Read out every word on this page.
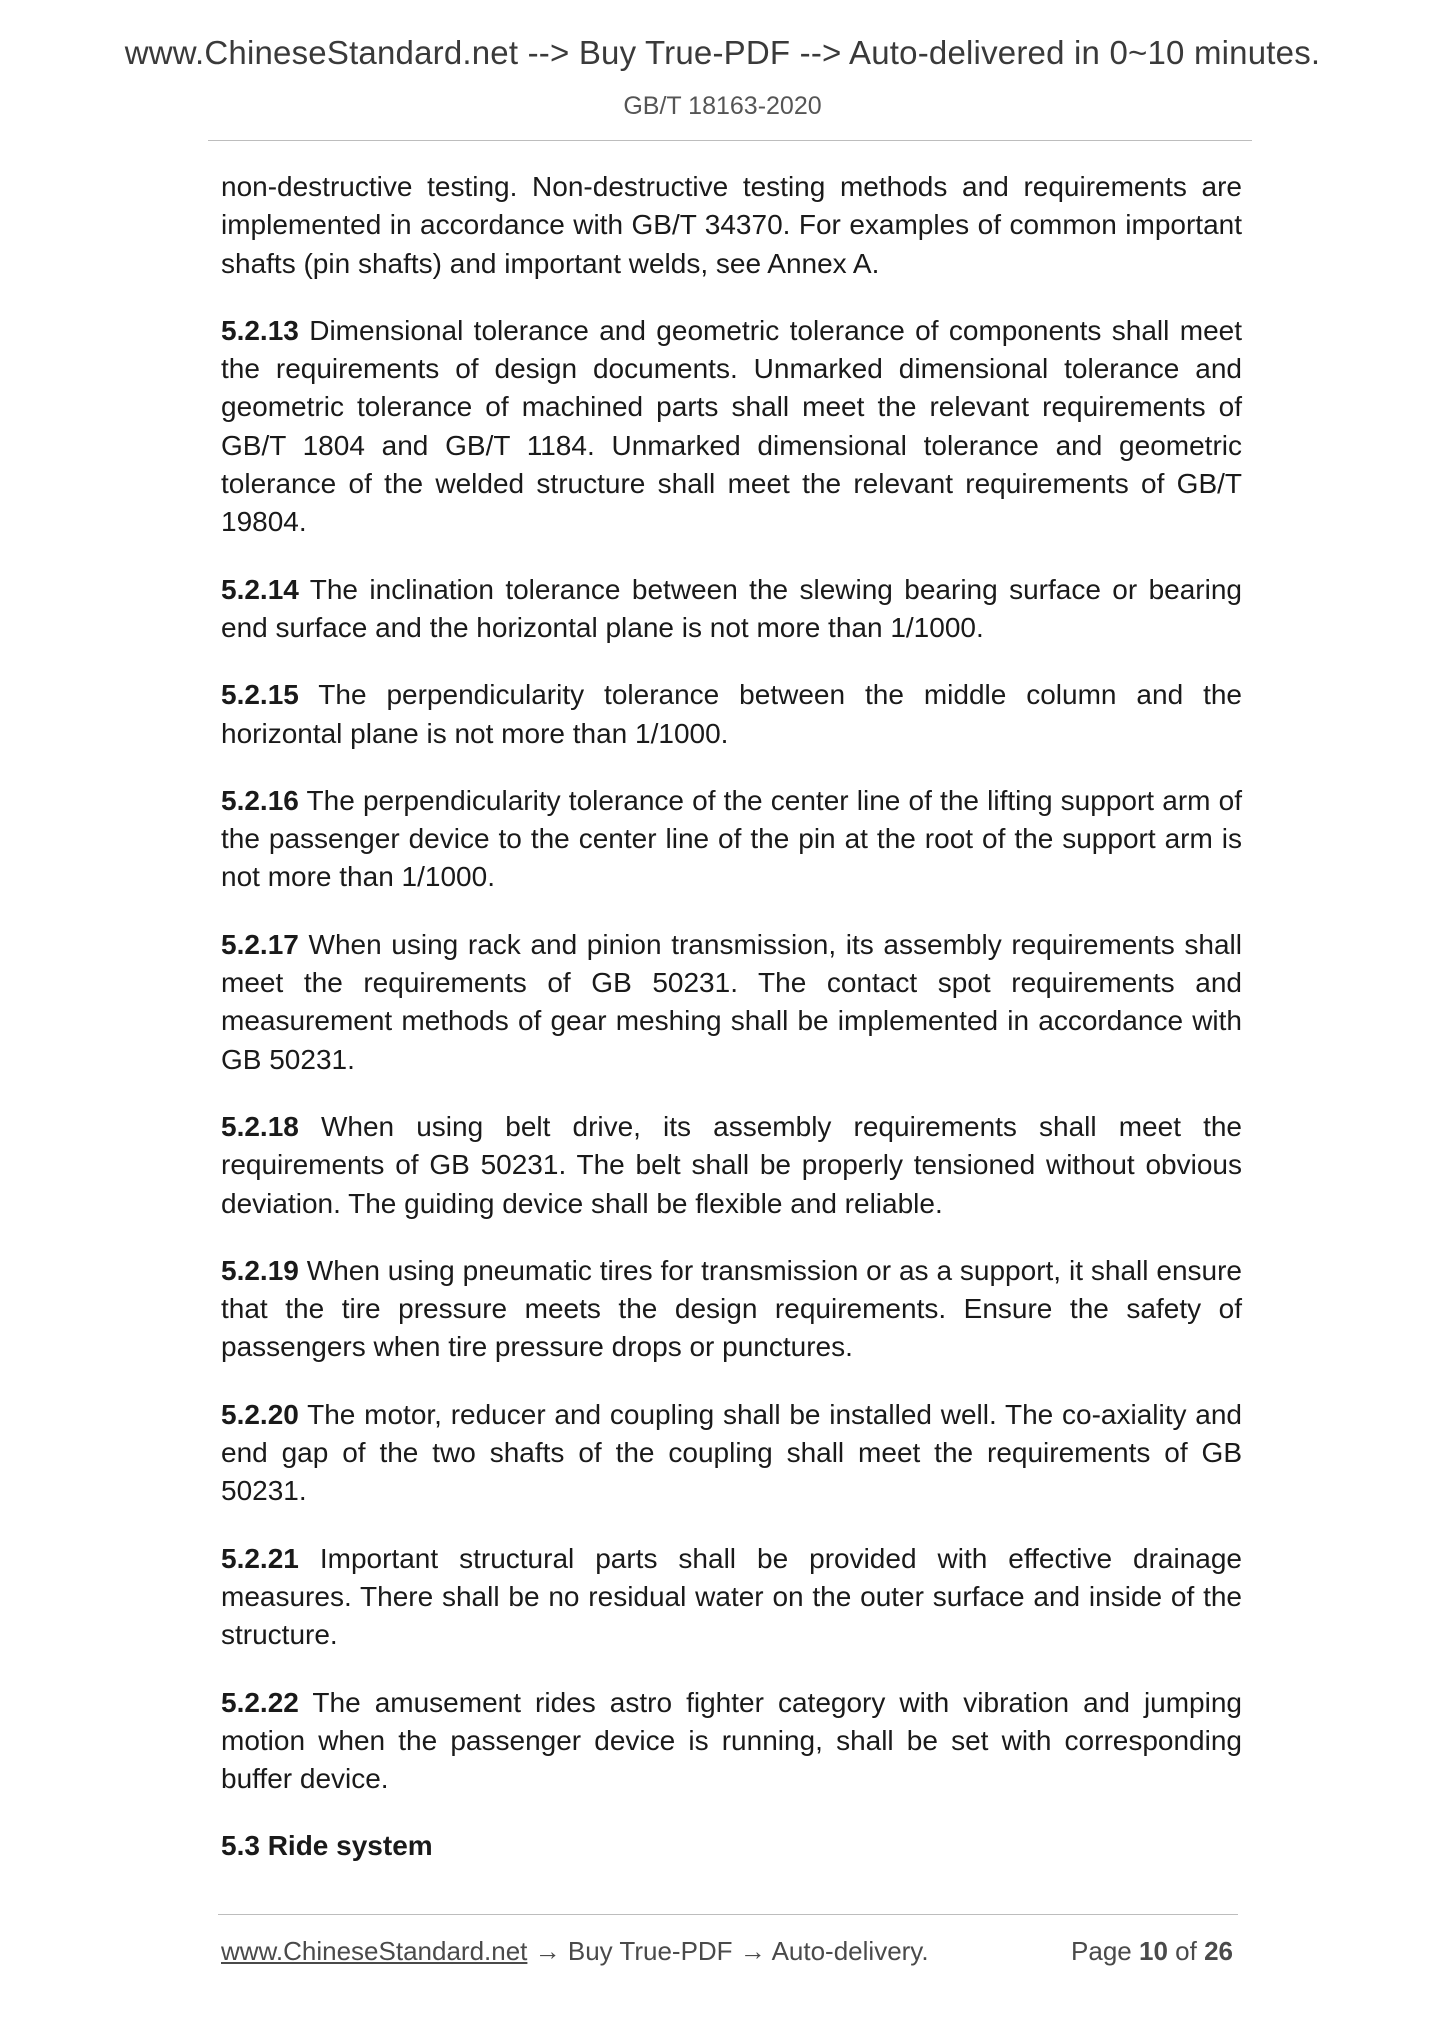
www.ChineseStandard.net --> Buy True-PDF --> Auto-delivered in 0~10 minutes.
GB/T 18163-2020

non-destructive testing. Non-destructive testing methods and requirements are implemented in accordance with GB/T 34370. For examples of common important shafts (pin shafts) and important welds, see Annex A.

5.2.13 Dimensional tolerance and geometric tolerance of components shall meet the requirements of design documents. Unmarked dimensional tolerance and geometric tolerance of machined parts shall meet the relevant requirements of GB/T 1804 and GB/T 1184. Unmarked dimensional tolerance and geometric tolerance of the welded structure shall meet the relevant requirements of GB/T 19804.

5.2.14 The inclination tolerance between the slewing bearing surface or bearing end surface and the horizontal plane is not more than 1/1000.

5.2.15 The perpendicularity tolerance between the middle column and the horizontal plane is not more than 1/1000.

5.2.16 The perpendicularity tolerance of the center line of the lifting support arm of the passenger device to the center line of the pin at the root of the support arm is not more than 1/1000.

5.2.17 When using rack and pinion transmission, its assembly requirements shall meet the requirements of GB 50231. The contact spot requirements and measurement methods of gear meshing shall be implemented in accordance with GB 50231.

5.2.18 When using belt drive, its assembly requirements shall meet the requirements of GB 50231. The belt shall be properly tensioned without obvious deviation. The guiding device shall be flexible and reliable.

5.2.19 When using pneumatic tires for transmission or as a support, it shall ensure that the tire pressure meets the design requirements. Ensure the safety of passengers when tire pressure drops or punctures.

5.2.20 The motor, reducer and coupling shall be installed well. The co-axiality and end gap of the two shafts of the coupling shall meet the requirements of GB 50231.

5.2.21 Important structural parts shall be provided with effective drainage measures. There shall be no residual water on the outer surface and inside of the structure.

5.2.22 The amusement rides astro fighter category with vibration and jumping motion when the passenger device is running, shall be set with corresponding buffer device.

5.3 Ride system

www.ChineseStandard.net → Buy True-PDF → Auto-delivery.	Page 10 of 26
